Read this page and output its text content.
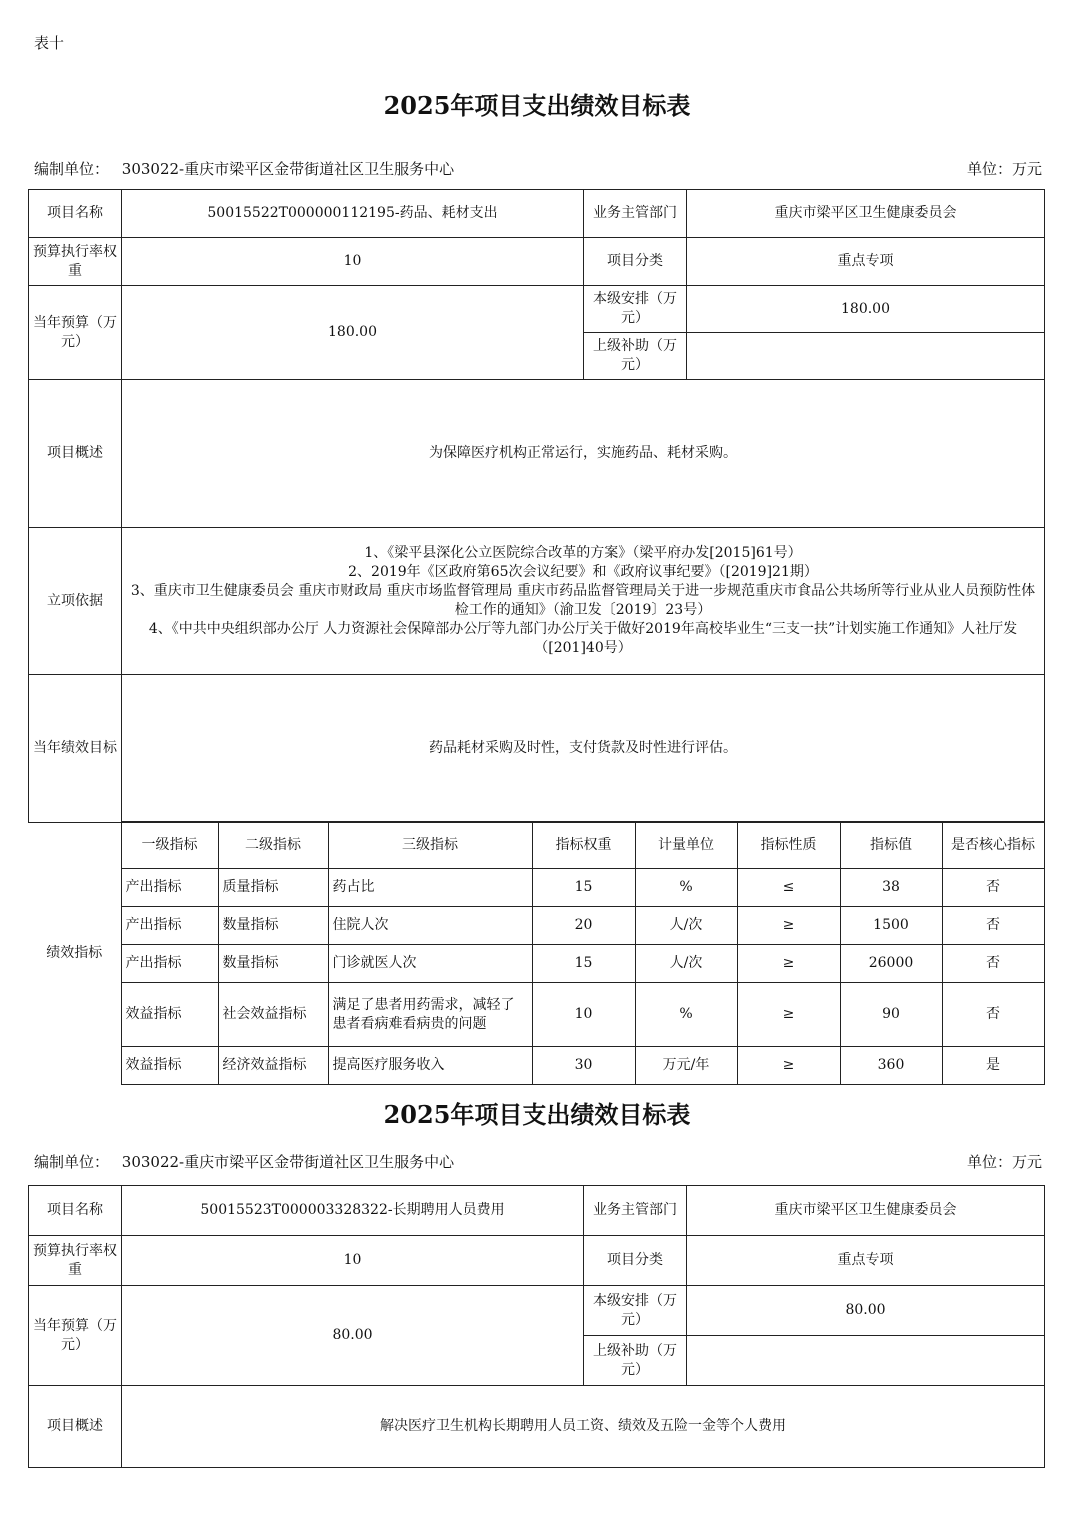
表十
2025年项目支出绩效目标表
编制单位： 303022-重庆市梁平区金带街道社区卫生服务中心	单位：万元
项目名称	50015522T000000112195-药品、耗材支出	业务主管部门	重庆市梁平区卫生健康委员会
预算执行率权重	10	项目分类	重点专项
当年预算（万元）	180.00	本级安排（万元）	180.00
		上级补助（万元）	
项目概述	为保障医疗机构正常运行，实施药品、耗材采购。		
立项依据	1、《梁平县深化公立医院综合改革的方案》（梁平府办发[2015]61号）
2、2019年《区政府第65次会议纪要》和《政府议事纪要》（[2019]21期）
3、重庆市卫生健康委员会 重庆市财政局 重庆市场监督管理局 重庆市药品监督管理局关于进一步规范重庆市食品公共场所等行业从业人员预防性体检工作的通知》（渝卫发〔2019〕23号）
4、《中共中央组织部办公厅 人力资源社会保障部办公厅等九部门办公厅关于做好2019年高校毕业生“三支一扶”计划实施工作通知》人社厅发（[201]40号）		

当年绩效目标	药品耗材采购及时性，支付货款及时性进行评估。		
绩效指标	一级指标	二级指标	三级指标	指标权重	计量单位	指标性质	指标值	是否核心指标
	产出指标	质量指标	药占比	15	%	≤	38	否
	产出指标	数量指标	住院人次	20	人/次	≥	1500	否
	产出指标	数量指标	门诊就医人次	15	人/次	≥	26000	否
	效益指标	社会效益指标	满足了患者用药需求，减轻了患者看病难看病贵的问题	10	%	≥	90	否
	效益指标	经济效益指标	提高医疗服务收入	30	万元/年	≥	360	是
2025年项目支出绩效目标表
编制单位： 303022-重庆市梁平区金带街道社区卫生服务中心	单位：万元
项目名称	50015523T000003328322-长期聘用人员费用	业务主管部门	重庆市梁平区卫生健康委员会
预算执行率权重	10	项目分类	重点专项
当年预算（万元）	80.00	本级安排（万元）	80.00
		上级补助（万元）	
项目概述	解决医疗卫生机构长期聘用人员工资、绩效及五险一金等个人费用		
